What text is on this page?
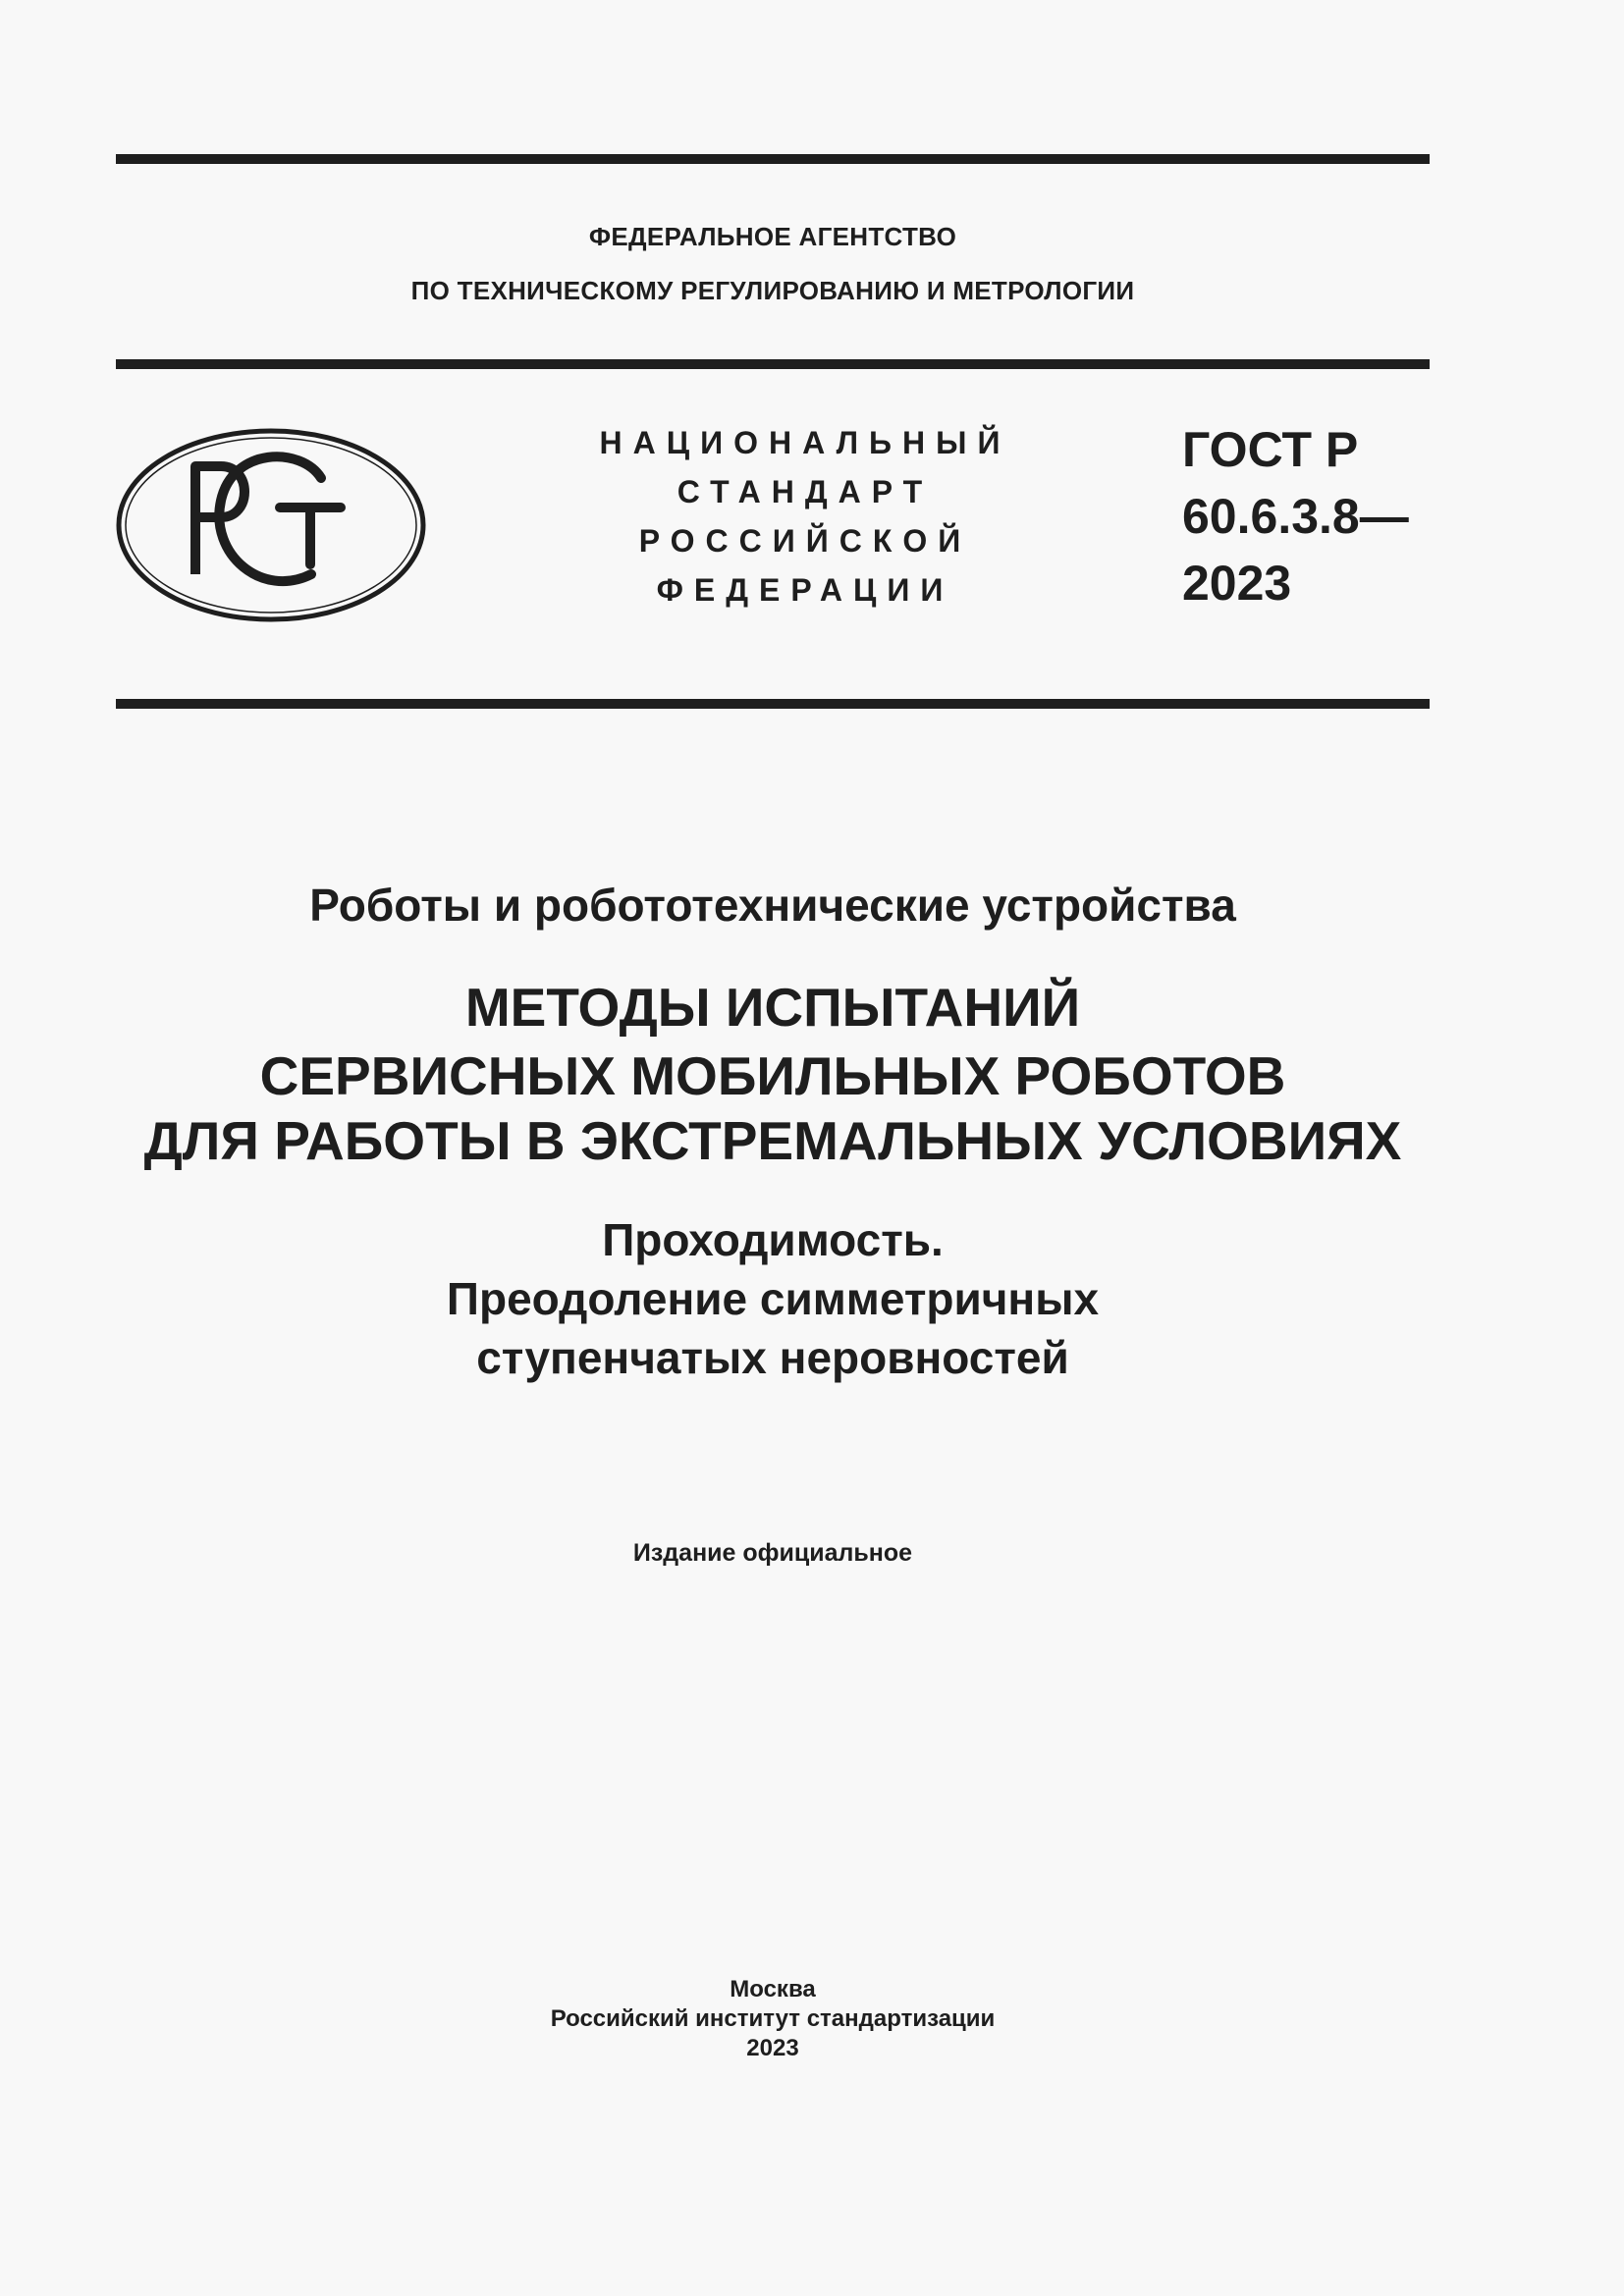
ФЕДЕРАЛЬНОЕ АГЕНТСТВО
ПО ТЕХНИЧЕСКОМУ РЕГУЛИРОВАНИЮ И МЕТРОЛОГИИ
НАЦИОНАЛЬНЫЙ
СТАНДАРТ
РОССИЙСКОЙ
ФЕДЕРАЦИИ
ГОСТ Р
60.6.3.8—
2023
Роботы и робототехнические устройства
МЕТОДЫ ИСПЫТАНИЙ
СЕРВИСНЫХ МОБИЛЬНЫХ РОБОТОВ
ДЛЯ РАБОТЫ В ЭКСТРЕМАЛЬНЫХ УСЛОВИЯХ
Проходимость.
Преодоление симметричных
ступенчатых неровностей
Издание официальное
Москва
Российский институт стандартизации
2023
